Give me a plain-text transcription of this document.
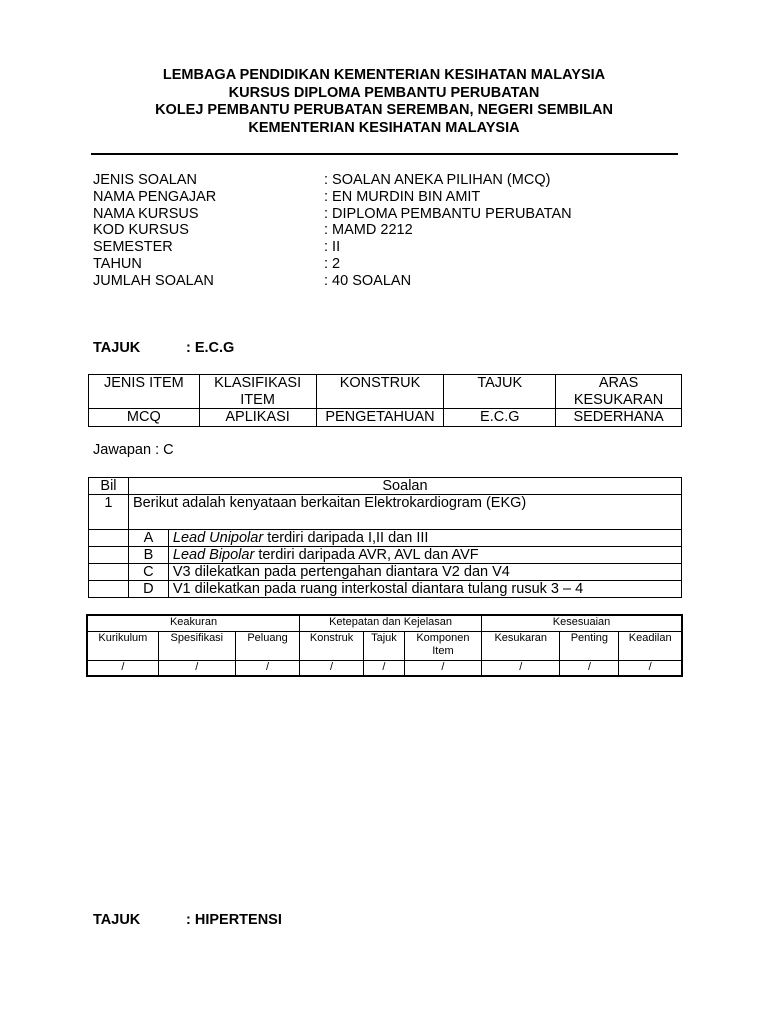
LEMBAGA PENDIDIKAN KEMENTERIAN KESIHATAN MALAYSIA
KURSUS DIPLOMA PEMBANTU PERUBATAN
KOLEJ PEMBANTU PERUBATAN SEREMBAN, NEGERI SEMBILAN
KEMENTERIAN KESIHATAN MALAYSIA
JENIS SOALAN	: SOALAN ANEKA PILIHAN (MCQ)
NAMA PENGAJAR	: EN MURDIN BIN AMIT
NAMA KURSUS	: DIPLOMA PEMBANTU PERUBATAN
KOD KURSUS	: MAMD 2212
SEMESTER	: II
TAHUN	: 2
JUMLAH SOALAN	: 40 SOALAN
TAJUK	: E.C.G
JENIS ITEM	KLASIFIKASI ITEM	KONSTRUK	TAJUK	ARAS KESUKARAN
MCQ	APLIKASI	PENGETAHUAN	E.C.G	SEDERHANA
Jawapan : C
Bil	Soalan	
1	Berikut adalah kenyataan berkaitan Elektrokardiogram (EKG)	
	A	Lead Unipolar terdiri daripada I,II dan III
	B	Lead Bipolar terdiri daripada AVR, AVL dan AVF
	C	V3 dilekatkan pada pertengahan diantara V2 dan V4
	D	V1 dilekatkan pada ruang interkostal diantara tulang rusuk 3 – 4
Keakuran			Ketepatan dan Kejelasan			Kesesuaian		
Kurikulum	Spesifikasi	Peluang	Konstruk	Tajuk	Komponen Item	Kesukaran	Penting	Keadilan
/	/	/	/	/	/	/	/	/
TAJUK	: HIPERTENSI
